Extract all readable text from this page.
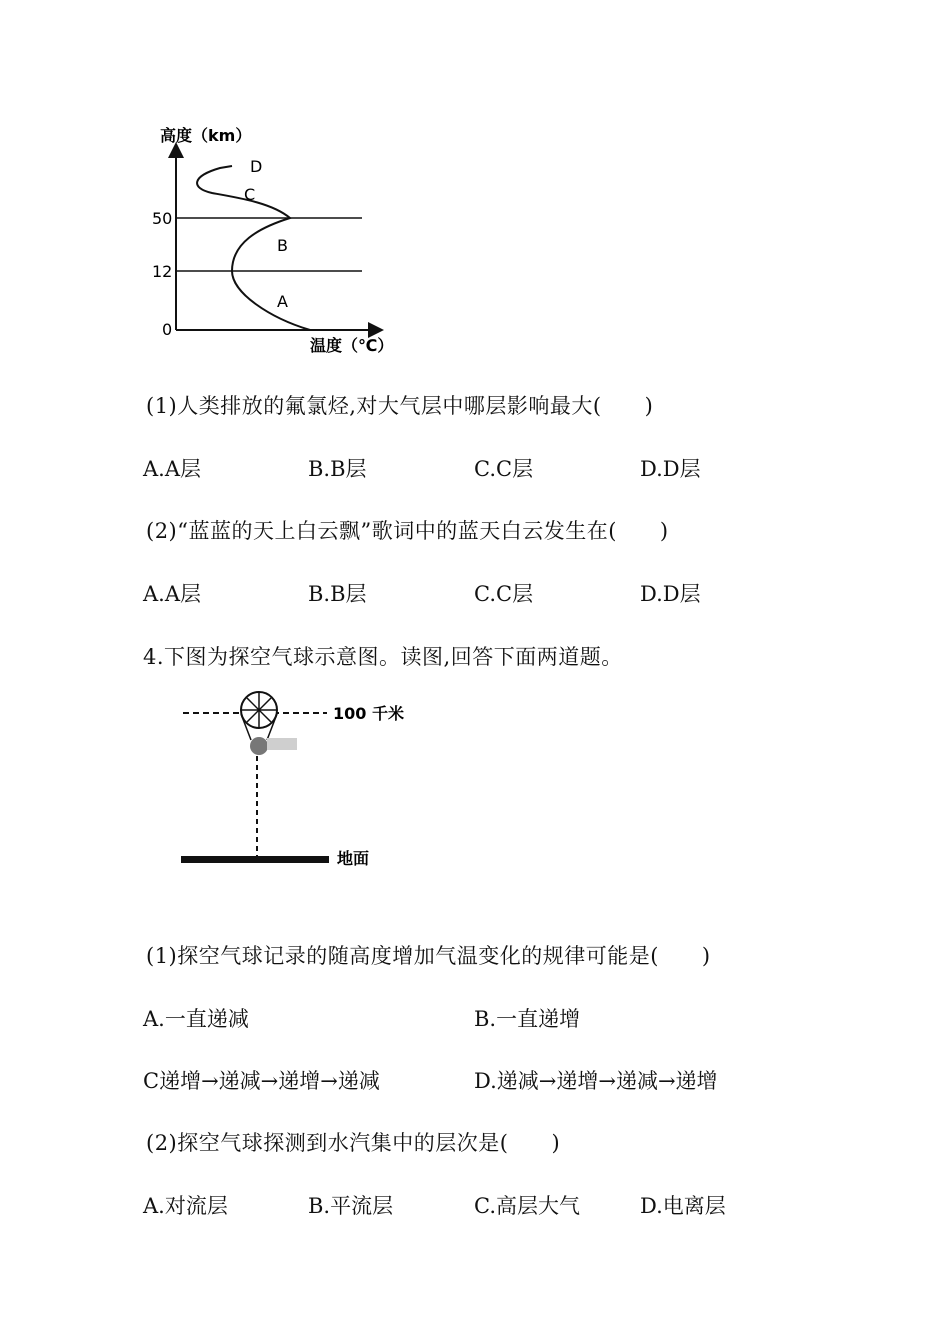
高度（km）
50
12
0
D
C
B
A
温度（℃）
(1)人类排放的氟氯烃,对大气层中哪层影响最大(　　)
A.A层	B.B层	C.C层	D.D层
(2)“蓝蓝的天上白云飘”歌词中的蓝天白云发生在(　　)
A.A层	B.B层	C.C层	D.D层
4.下图为探空气球示意图。读图,回答下面两道题。
100 千米
地面
(1)探空气球记录的随高度增加气温变化的规律可能是(　　)
A.一直递减	B.一直递增
C递增→递减→递增→递减	D.递减→递增→递减→递增
(2)探空气球探测到水汽集中的层次是(　　)
A.对流层	B.平流层	C.高层大气	D.电离层
